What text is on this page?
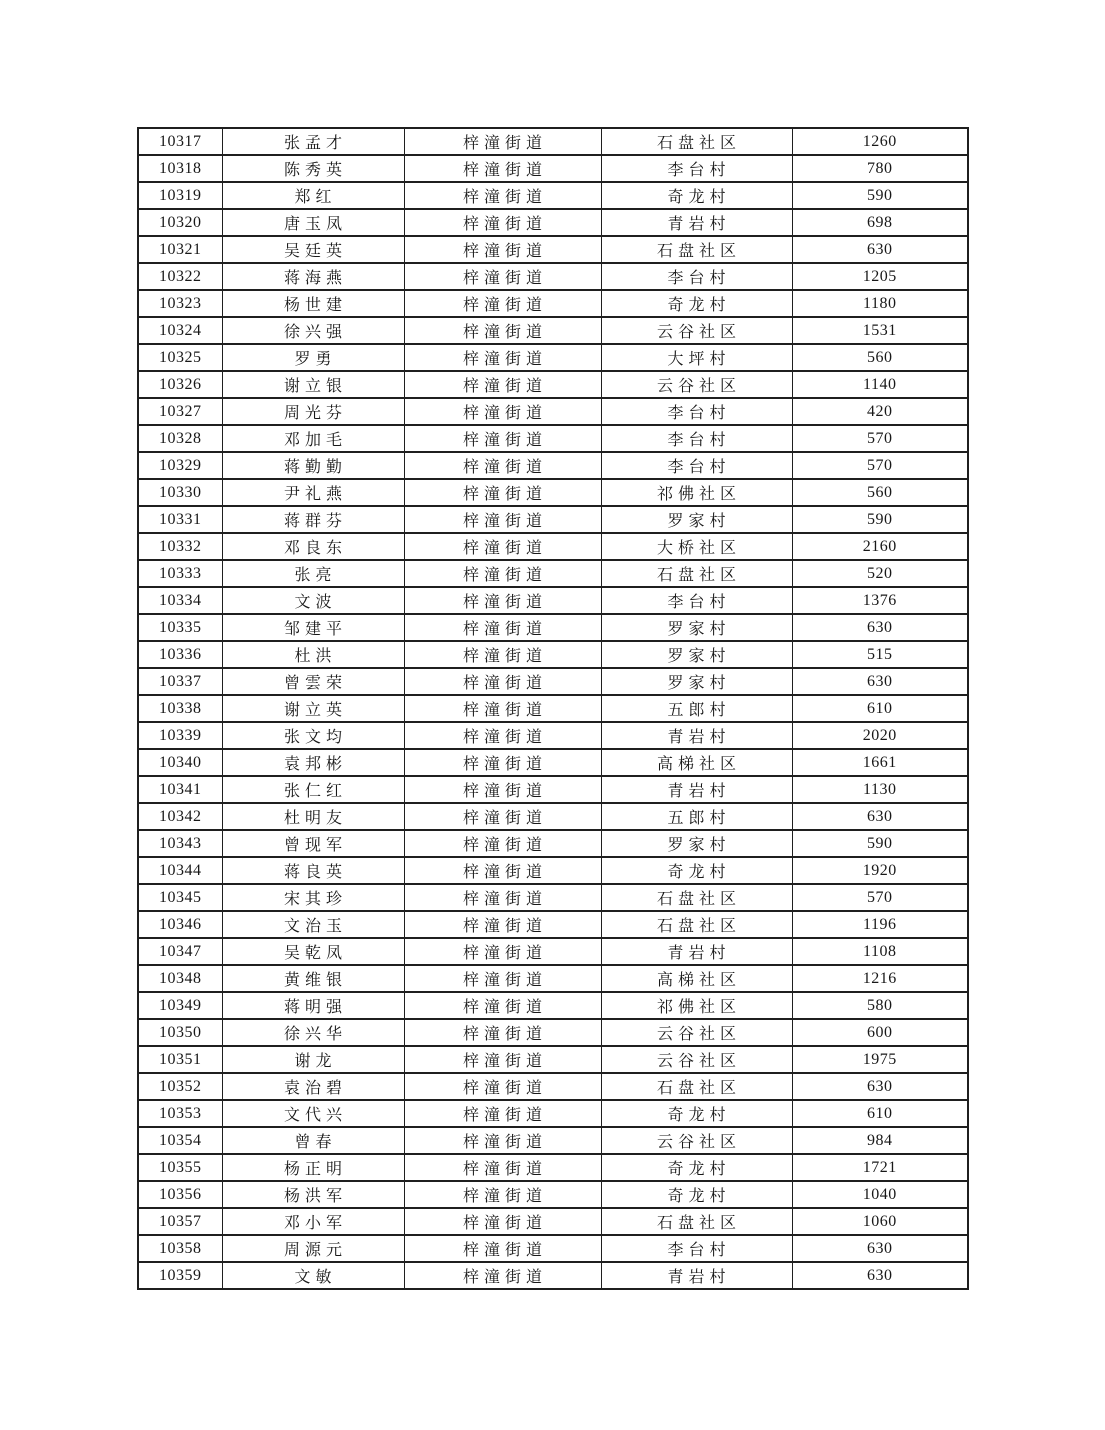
10317	张孟才	梓潼街道	石盘社区	1260
10318	陈秀英	梓潼街道	李台村	780
10319	郑红	梓潼街道	奇龙村	590
10320	唐玉凤	梓潼街道	青岩村	698
10321	吴廷英	梓潼街道	石盘社区	630
10322	蒋海燕	梓潼街道	李台村	1205
10323	杨世建	梓潼街道	奇龙村	1180
10324	徐兴强	梓潼街道	云谷社区	1531
10325	罗勇	梓潼街道	大坪村	560
10326	谢立银	梓潼街道	云谷社区	1140
10327	周光芬	梓潼街道	李台村	420
10328	邓加毛	梓潼街道	李台村	570
10329	蒋勤勤	梓潼街道	李台村	570
10330	尹礼燕	梓潼街道	祁佛社区	560
10331	蒋群芬	梓潼街道	罗家村	590
10332	邓良东	梓潼街道	大桥社区	2160
10333	张亮	梓潼街道	石盘社区	520
10334	文波	梓潼街道	李台村	1376
10335	邹建平	梓潼街道	罗家村	630
10336	杜洪	梓潼街道	罗家村	515
10337	曾雲荣	梓潼街道	罗家村	630
10338	谢立英	梓潼街道	五郎村	610
10339	张文均	梓潼街道	青岩村	2020
10340	袁邦彬	梓潼街道	高梯社区	1661
10341	张仁红	梓潼街道	青岩村	1130
10342	杜明友	梓潼街道	五郎村	630
10343	曾现军	梓潼街道	罗家村	590
10344	蒋良英	梓潼街道	奇龙村	1920
10345	宋其珍	梓潼街道	石盘社区	570
10346	文治玉	梓潼街道	石盘社区	1196
10347	吴乾凤	梓潼街道	青岩村	1108
10348	黄维银	梓潼街道	高梯社区	1216
10349	蒋明强	梓潼街道	祁佛社区	580
10350	徐兴华	梓潼街道	云谷社区	600
10351	谢龙	梓潼街道	云谷社区	1975
10352	袁治碧	梓潼街道	石盘社区	630
10353	文代兴	梓潼街道	奇龙村	610
10354	曾春	梓潼街道	云谷社区	984
10355	杨正明	梓潼街道	奇龙村	1721
10356	杨洪军	梓潼街道	奇龙村	1040
10357	邓小军	梓潼街道	石盘社区	1060
10358	周源元	梓潼街道	李台村	630
10359	文敏	梓潼街道	青岩村	630
